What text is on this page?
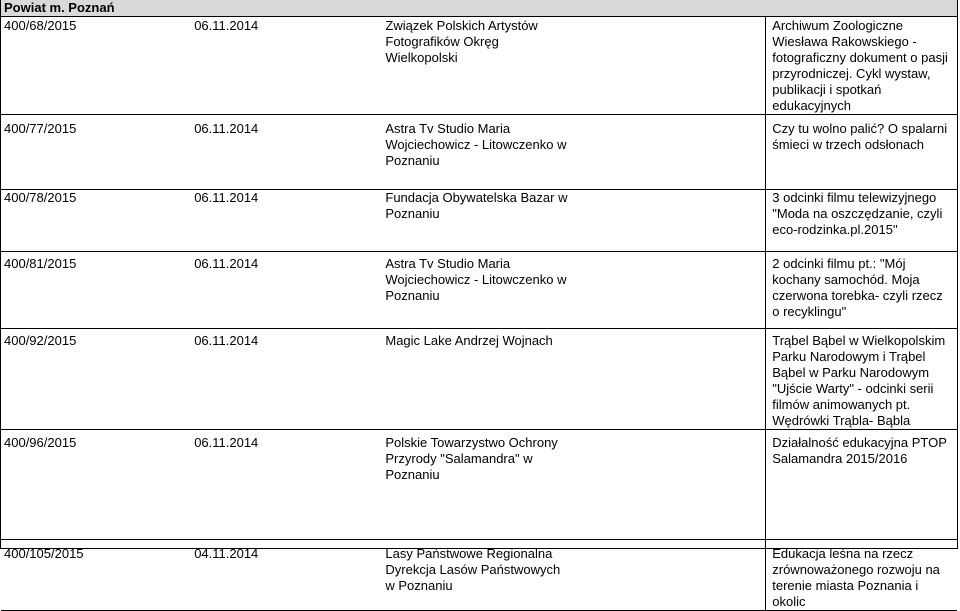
Powiat m. Poznań				
400/68/2015	06.11.2014	Związek Polskich Artystów Fotografików Okręg Wielkopolski		Archiwum Zoologiczne Wiesława Rakowskiego - fotograficzny dokument o pasji przyrodniczej. Cykl wystaw, publikacji i spotkań edukacyjnych
400/77/2015	06.11.2014	Astra Tv Studio Maria Wojciechowicz - Litowczenko w Poznaniu		Czy tu wolno palić? O spalarni śmieci w trzech odsłonach
400/78/2015	06.11.2014	Fundacja Obywatelska Bazar w Poznaniu		3 odcinki filmu telewizyjnego "Moda na oszczędzanie, czyli eco-rodzinka.pl.2015"
400/81/2015	06.11.2014	Astra Tv Studio Maria Wojciechowicz - Litowczenko w Poznaniu		2 odcinki filmu pt.: "Mój kochany samochód. Moja czerwona torebka- czyli rzecz o recyklingu"
400/92/2015	06.11.2014	Magic Lake Andrzej Wojnach		Trąbel Bąbel w Wielkopolskim Parku Narodowym i Trąbel Bąbel w Parku Narodowym "Ujście Warty" - odcinki serii filmów animowanych pt. Wędrówki Trąbla- Bąbla
400/96/2015	06.11.2014	Polskie Towarzystwo Ochrony Przyrody "Salamandra" w Poznaniu		Działalność edukacyjna PTOP Salamandra 2015/2016
400/105/2015	04.11.2014	Lasy Państwowe Regionalna Dyrekcja Lasów Państwowych w Poznaniu		Edukacja leśna na rzecz zrównoważonego rozwoju na terenie miasta Poznania i okolic
